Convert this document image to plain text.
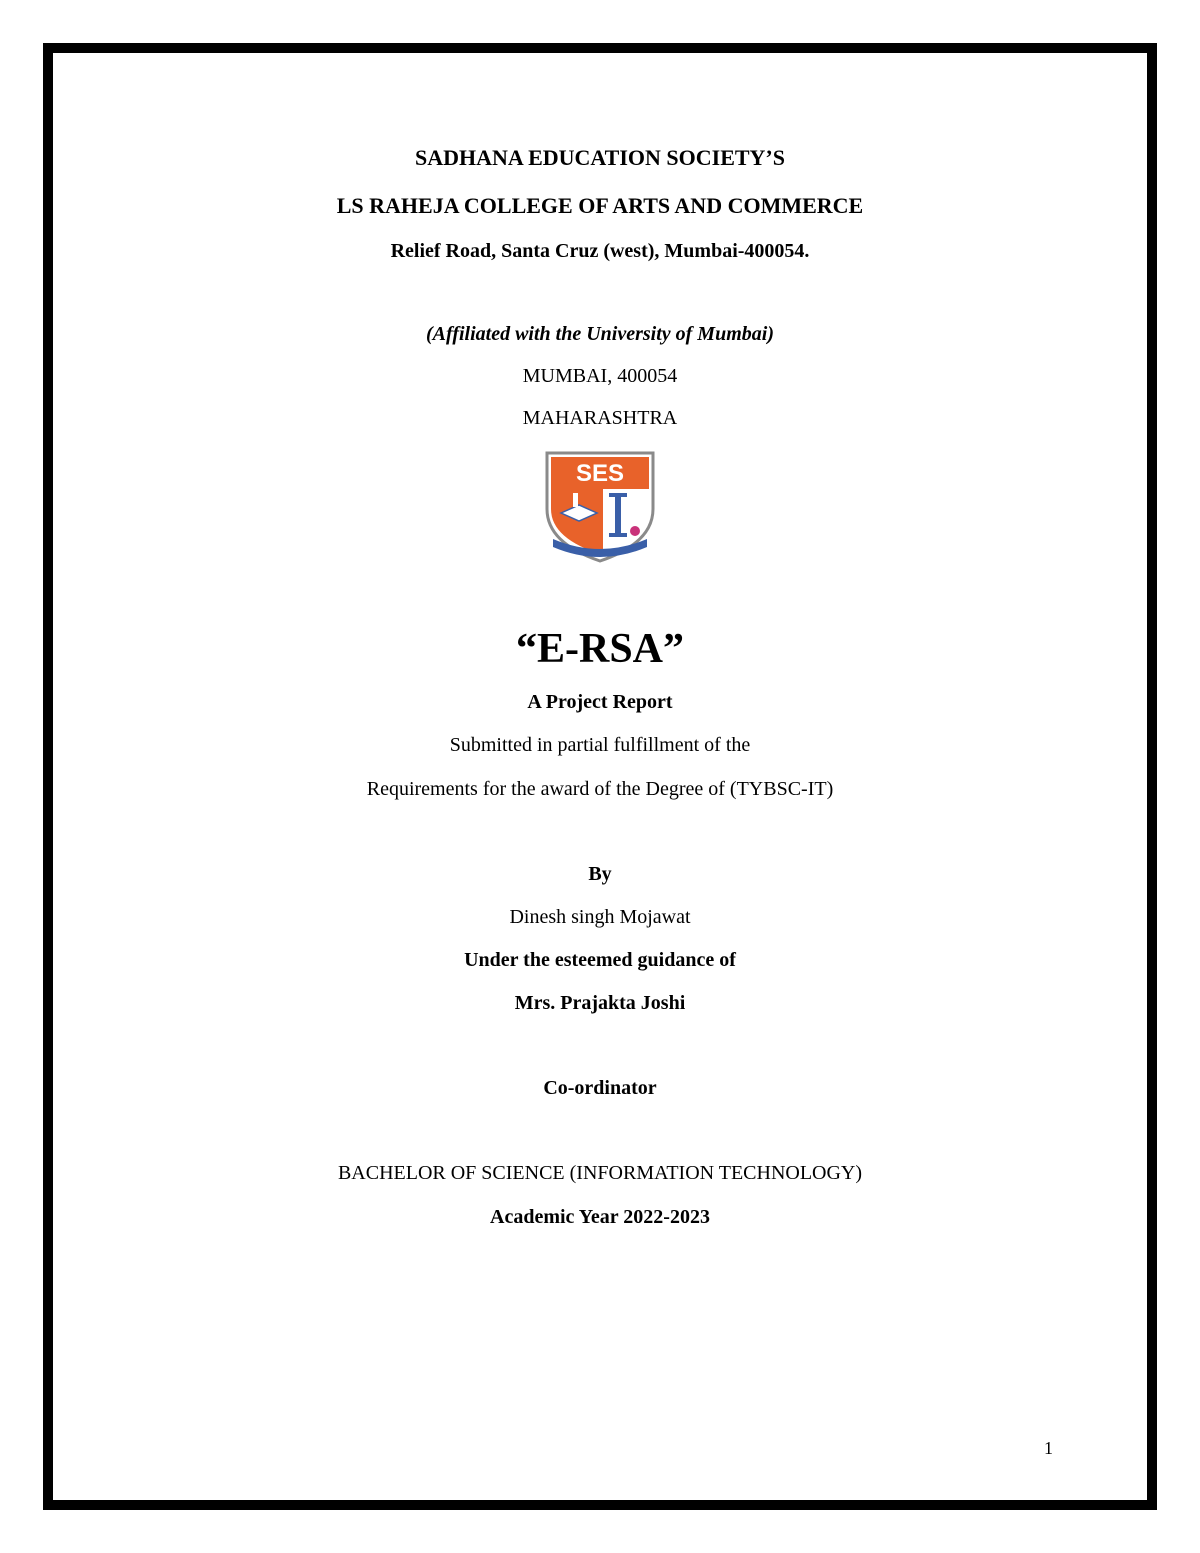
SADHANA EDUCATION SOCIETY’S
LS RAHEJA COLLEGE OF ARTS AND COMMERCE
Relief Road, Santa Cruz (west), Mumbai-400054.
(Affiliated with the University of Mumbai)
MUMBAI, 400054
MAHARASHTRA
SES
“E-RSA”
A Project Report
Submitted in partial fulfillment of the
Requirements for the award of the Degree of (TYBSC-IT)
By
Dinesh singh Mojawat
Under the esteemed guidance of
Mrs. Prajakta Joshi
Co-ordinator
BACHELOR OF SCIENCE (INFORMATION TECHNOLOGY)
Academic Year 2022-2023
1
